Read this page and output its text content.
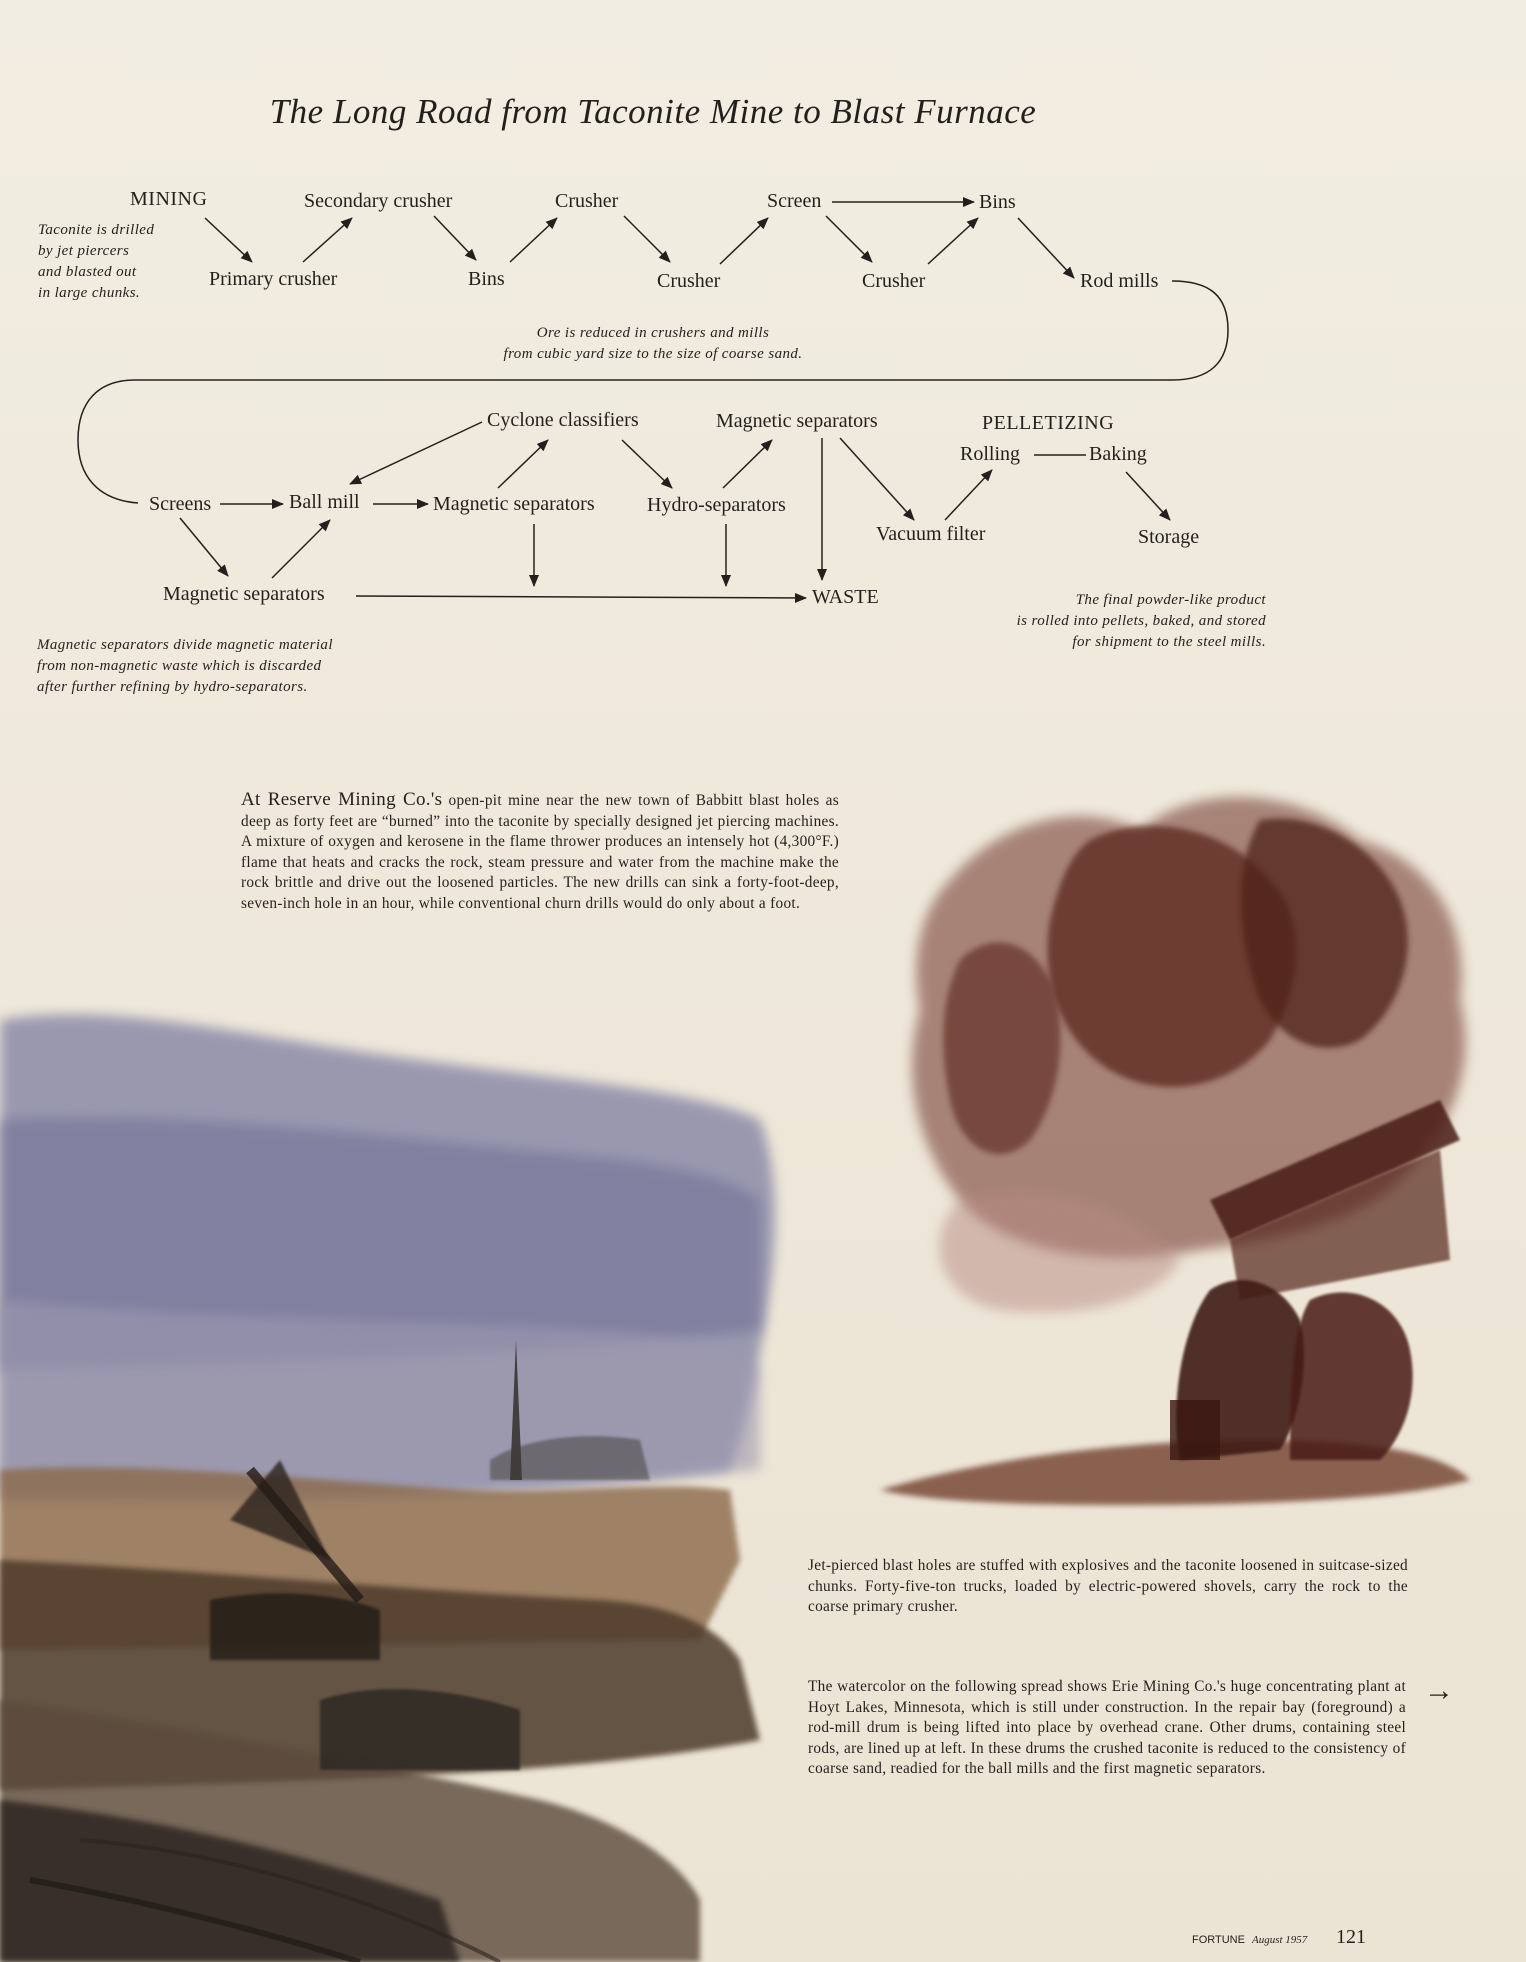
The Long Road from Taconite Mine to Blast Furnace
MINING
PELLETIZING
Primary crusher
Secondary crusher
Bins
Crusher
Crusher
Screen
Crusher
Bins
Rod mills
Screens	Ball mill	Magnetic separators
Cyclone classifiers	Magnetic separators
Hydro-separators
Magnetic separators
Vacuum filter
Rolling	Baking
Storage
WASTE
Taconite is drilled
by jet piercers
and blasted out
in large chunks.
Ore is reduced in crushers and mills
from cubic yard size to the size of coarse sand.
Magnetic separators divide magnetic material
from non-magnetic waste which is discarded
after further refining by hydro-separators.
The final powder-like product
is rolled into pellets, baked, and stored
for shipment to the steel mills.
At Reserve Mining Co.'s open-pit mine near the new town of Babbitt blast holes as deep as forty feet are “burned” into the taconite by specially designed jet piercing machines. A mixture of oxygen and kerosene in the flame thrower produces an intensely hot (4,300°F.) flame that heats and cracks the rock, steam pressure and water from the machine make the rock brittle and drive out the loosened particles. The new drills can sink a forty-foot-deep, seven-inch hole in an hour, while conventional churn drills would do only about a foot.
Jet-pierced blast holes are stuffed with explosives and the taconite loosened in suitcase-sized chunks. Forty-five-ton trucks, loaded by electric-powered shovels, carry the rock to the coarse primary crusher.
The watercolor on the following spread shows Erie Mining Co.'s huge concentrating plant at Hoyt Lakes, Minnesota, which is still under construction. In the repair bay (foreground) a rod-mill drum is being lifted into place by overhead crane. Other drums, containing steel rods, are lined up at left. In these drums the crushed taconite is reduced to the consistency of coarse sand, readied for the ball mills and the first magnetic separators.
→
FORTUNE August 1957 121
